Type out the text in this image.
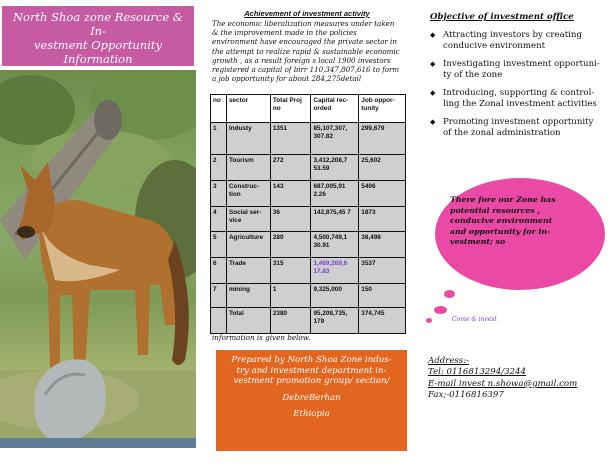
North Shoa zone Resource & In-
vestment Opportunity
Information
Achievement of investment activity
The economic liberalization measures under taken
& the improvement made in the policies
environment have encouraged the private sector in
the attempt to realize rapid & sustainable economic
growth , as a result foreign s local 1900 investors
registered a capital of birr 110,347,807,616 to form
a job opportunity for about 284,275detail
no	sector	Total Proj no	Capital rec-orded	Job oppor-tunity
1	Industy	1351	85,107,307, 307.82	299,679
2	Tourism	272	3,412,208,7 53.59	25,602
3	Construc-tion	143	687,005,91 2.26	5406
4	Social ser-vice	36	142,875,45 7	1873
5	Agriculture	280	4,500,749,1 30.91	38,498
6	Trade	315	1,469,269,6 17.83	3537
7	mining	1	9,325,000	150
	Total	2380	95,208,735, 179	374,745
information is given below.
Prepared by North Shoa Zone indus-
try and investment department in-
vestment promotion group/ section/
DebreBerhan
Ethiopia
Objective of investment office
◆ Attracting investors by creating
conducive environment
◆ Investigating investment opportuni-
ty of the zone
◆ Introducing, supporting & control-
ling the Zonal investment activities
◆ Promoting investment opportunity
of the zonal administration
There fore our Zone has
potential resources ,
conducive environment
and opportunity for in-
vestment; so
Come & invest
Address:-
Tel: 0116813294/3244
E-mail invest n.showa@gmail.com
Fax;-0116816397
